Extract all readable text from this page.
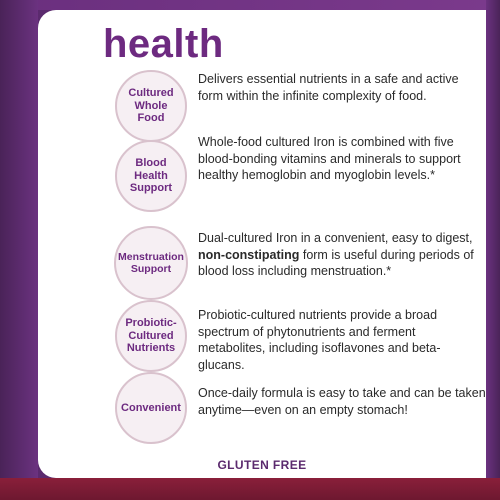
health
Cultured
Whole
Food
Delivers essential nutrients in a safe and active form within the infinite complexity of food.
Blood
Health
Support
Whole-food cultured Iron is combined with five blood-bonding vitamins and minerals to support healthy hemoglobin and myoglobin levels.*
Menstruation
Support
Dual-cultured Iron in a convenient, easy to digest, non-constipating form is useful during periods of blood loss including menstruation.*
Probiotic-
Cultured
Nutrients
Probiotic-cultured nutrients provide a broad spectrum of phytonutrients and ferment metabolites, including isoflavones and beta-glucans.
Convenient
Once-daily formula is easy to take and can be taken anytime—even on an empty stomach!
GLUTEN FREE
